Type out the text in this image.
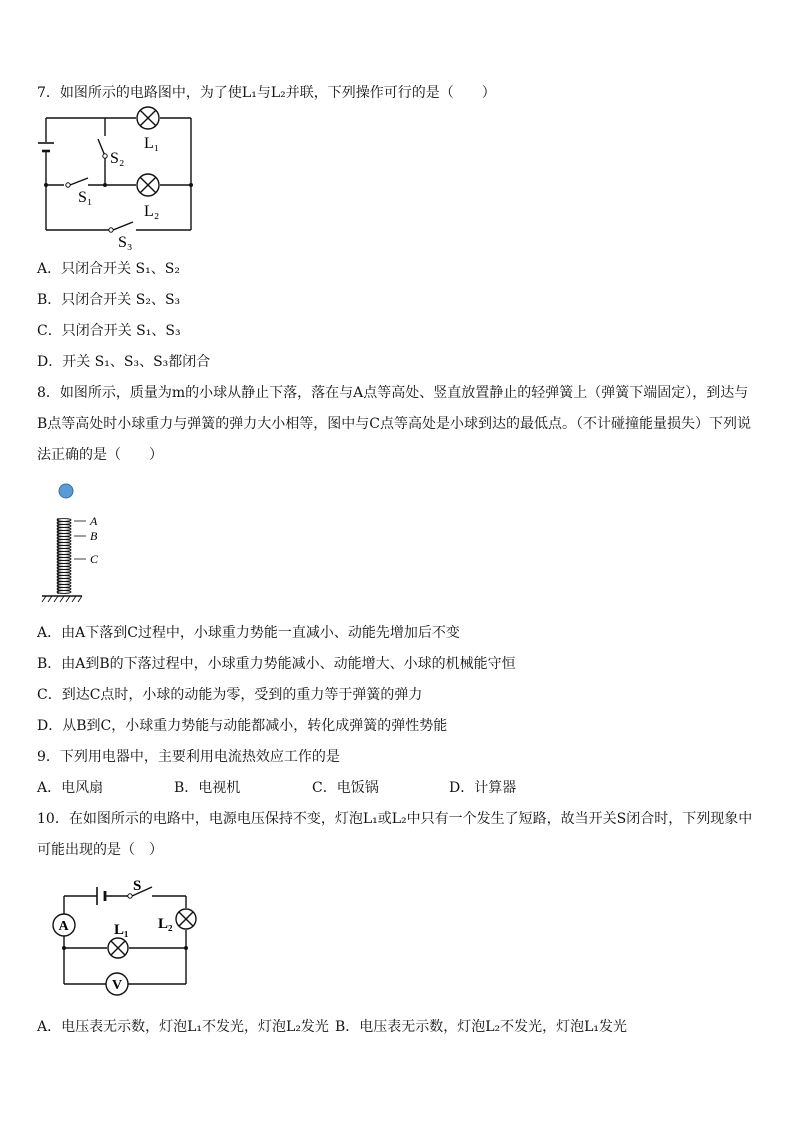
7．如图所示的电路图中，为了使L₁与L₂并联，下列操作可行的是（　　）
L₁
L₂
S₂
S₁
S₃
A．只闭合开关 S₁、S₂
B．只闭合开关 S₂、S₃
C．只闭合开关 S₁、S₃
D．开关 S₁、S₃、S₃都闭合
8．如图所示，质量为m的小球从静止下落，落在与A点等高处、竖直放置静止的轻弹簧上（弹簧下端固定），到达与
B点等高处时小球重力与弹簧的弹力大小相等，图中与C点等高处是小球到达的最低点。（不计碰撞能量损失）下列说
法正确的是（　　）
A
B
C
A．由A下落到C过程中，小球重力势能一直减小、动能先增加后不变
B．由A到B的下落过程中，小球重力势能减小、动能增大、小球的机械能守恒
C．到达C点时，小球的动能为零，受到的重力等于弹簧的弹力
D．从B到C，小球重力势能与动能都减小，转化成弹簧的弹性势能
9．下列用电器中，主要利用电流热效应工作的是
A．电风扇	B．电视机	C．电饭锅	D．计算器
10．在如图所示的电路中，电源电压保持不变，灯泡L₁或L₂中只有一个发生了短路，故当开关S闭合时，下列现象中
可能出现的是（　）
S
A	L₂
L₁
V
A．电压表无示数，灯泡L₁不发光，灯泡L₂发光 B．电压表无示数，灯泡L₂不发光，灯泡L₁发光
